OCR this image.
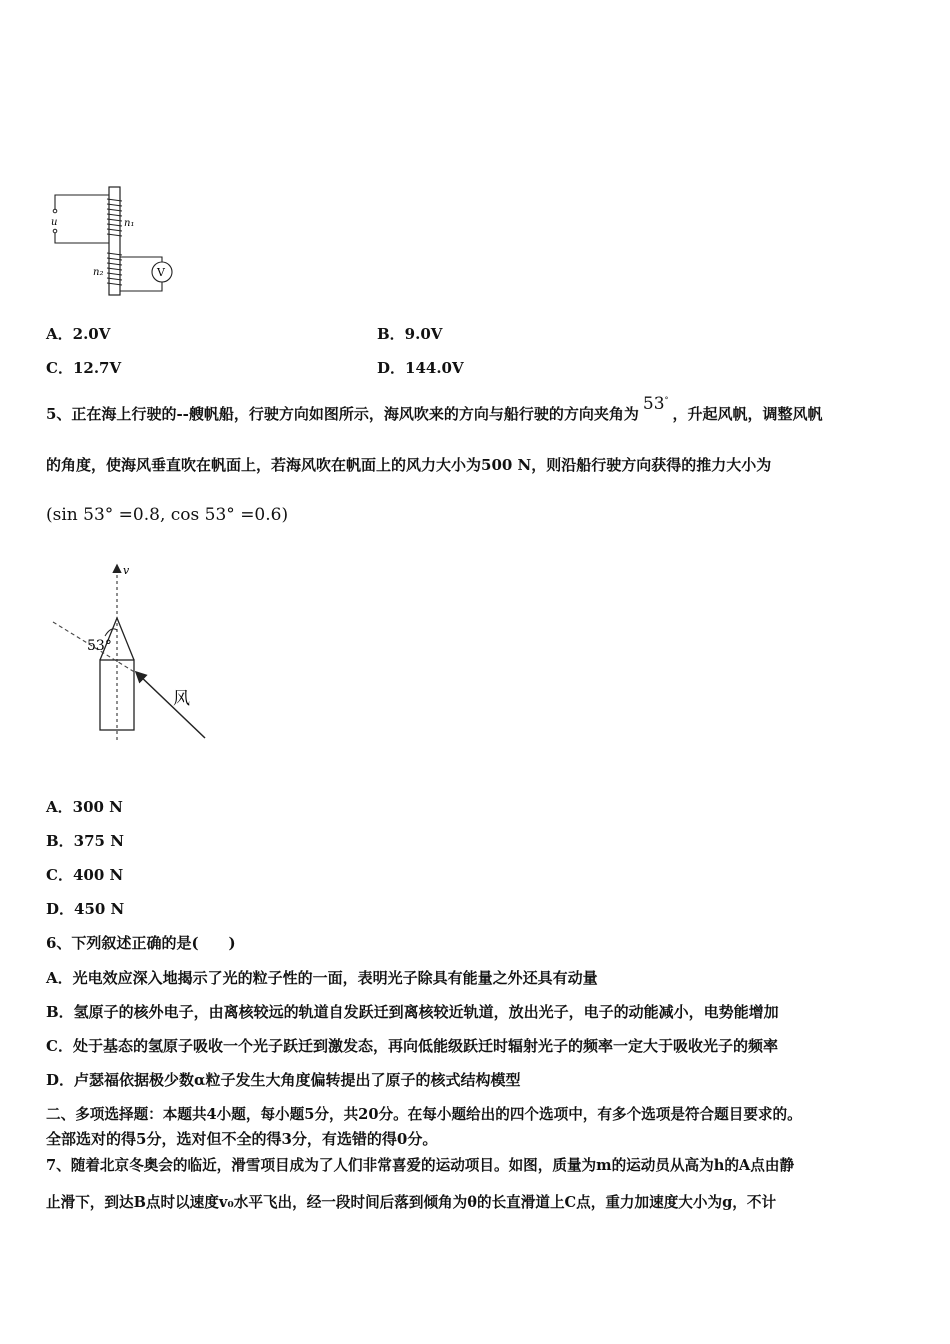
u	n₁
n₂	V
A．2.0V	B．9.0V
C．12.7V	D．144.0V
5、正在海上行驶的--艘帆船，行驶方向如图所示，海风吹来的方向与船行驶的方向夹角为 53°，升起风帆，调整风帆
的角度，使海风垂直吹在帆面上，若海风吹在帆面上的风力大小为500 N，则沿船行驶方向获得的推力大小为
(sin 53° =0.8, cos 53° =0.6)
v
53°
风
A．300 N
B．375 N
C．400 N
D．450 N
6、下列叙述正确的是(　　)
A．光电效应深入地揭示了光的粒子性的一面，表明光子除具有能量之外还具有动量
B．氢原子的核外电子，由离核较远的轨道自发跃迁到离核较近轨道，放出光子，电子的动能减小，电势能增加
C．处于基态的氢原子吸收一个光子跃迁到激发态，再向低能级跃迁时辐射光子的频率一定大于吸收光子的频率
D．卢瑟福依据极少数α粒子发生大角度偏转提出了原子的核式结构模型
二、多项选择题：本题共4小题，每小题5分，共20分。在每小题给出的四个选项中，有多个选项是符合题目要求的。
全部选对的得5分，选对但不全的得3分，有选错的得0分。
7、随着北京冬奥会的临近，滑雪项目成为了人们非常喜爱的运动项目。如图，质量为m的运动员从高为h的A点由静
止滑下，到达B点时以速度v₀水平飞出，经一段时间后落到倾角为θ的长直滑道上C点，重力加速度大小为g，不计
